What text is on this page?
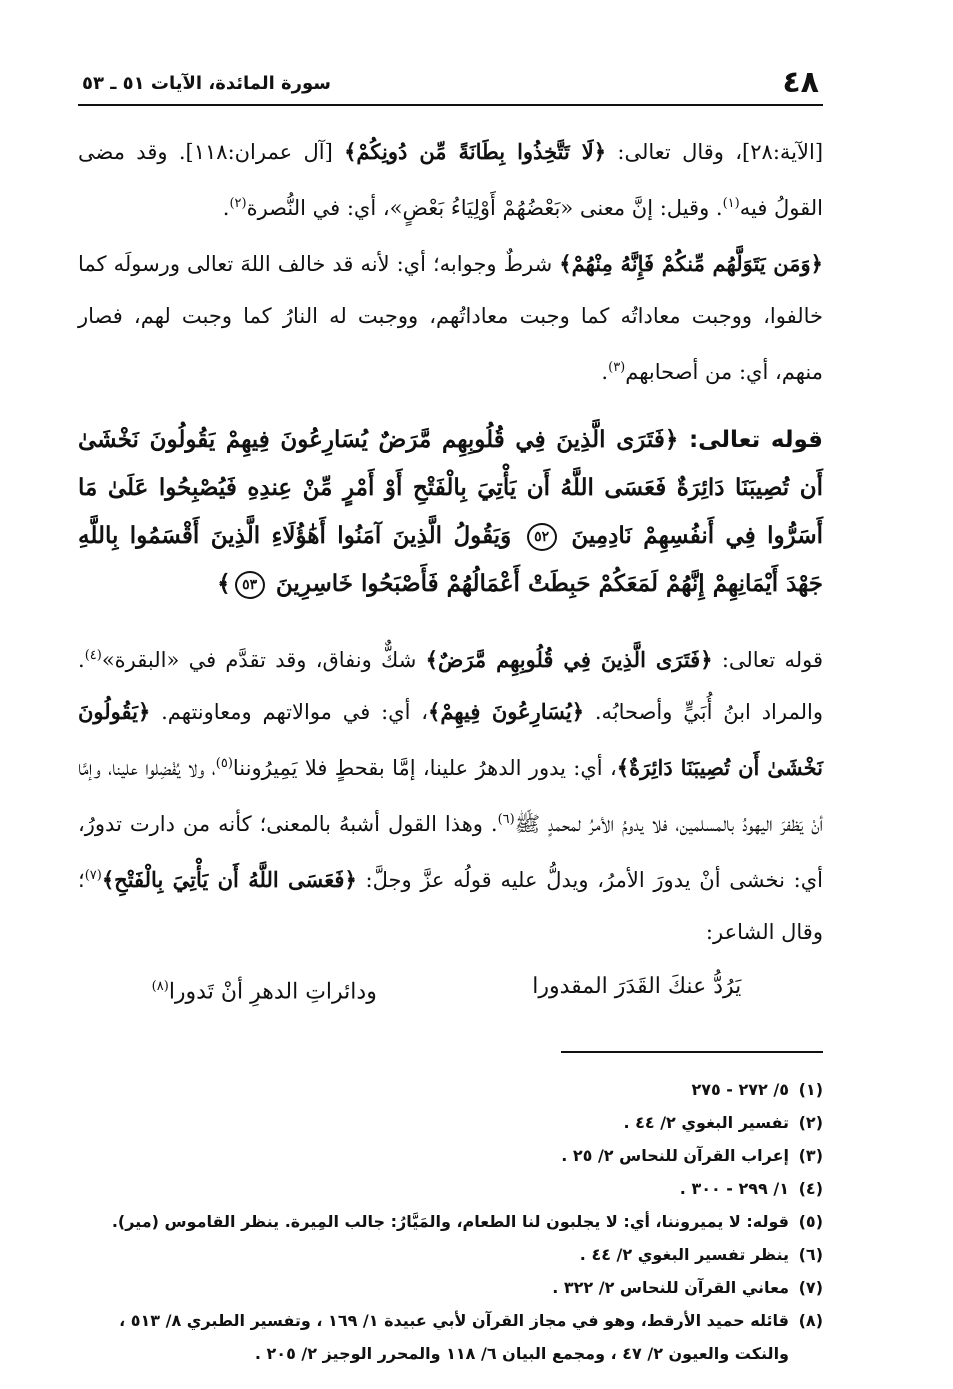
٤٨
سورة المائدة، الآيات ٥١ ـ ٥٣

[الآية:٢٨]، وقال تعالى: ﴿لَا تَتَّخِذُوا بِطَانَةً مِّن دُونِكُمْ﴾ [آل عمران:١١٨]. وقد مضى القولُ فيه$^{(١)}$. وقيل: إنَّ معنى «بَعْضُهُمْ أَوْلِيَاءُ بَعْضٍ»، أي: في النُّصرة$^{(٢)}$.

﴿وَمَن يَتَوَلَّهُم مِّنكُمْ فَإِنَّهُ مِنْهُمْ﴾ شرطٌ وجوابه؛ أي: لأنه قد خالف اللهَ تعالى ورسولَه كما خالفوا، ووجبت معاداتُه كما وجبت معاداتُهم، ووجبت له النارُ كما وجبت لهم، فصار منهم، أي: من أصحابهم$^{(٣)}$.

قوله تعالى: ﴿فَتَرَى الَّذِينَ فِي قُلُوبِهِم مَّرَضٌ يُسَارِعُونَ فِيهِمْ يَقُولُونَ نَخْشَىٰ أَن تُصِيبَنَا دَائِرَةٌ فَعَسَى اللَّهُ أَن يَأْتِيَ بِالْفَتْحِ أَوْ أَمْرٍ مِّنْ عِندِهِ فَيُصْبِحُوا عَلَىٰ مَا أَسَرُّوا فِي أَنفُسِهِمْ نَادِمِينَ ٥٢ وَيَقُولُ الَّذِينَ آمَنُوا أَهَٰؤُلَاءِ الَّذِينَ أَقْسَمُوا بِاللَّهِ جَهْدَ أَيْمَانِهِمْ إِنَّهُمْ لَمَعَكُمْ حَبِطَتْ أَعْمَالُهُمْ فَأَصْبَحُوا خَاسِرِينَ ٥٣﴾

قوله تعالى: ﴿فَتَرَى الَّذِينَ فِي قُلُوبِهِم مَّرَضٌ﴾ شكٌّ ونفاق، وقد تقدَّم في «البقرة»$^{(٤)}$. والمراد ابنُ أُبَيٍّ وأصحابُه. ﴿يُسَارِعُونَ فِيهِمْ﴾، أي: في موالاتهم ومعاونتهم. ﴿يَقُولُونَ نَخْشَىٰ أَن تُصِيبَنَا دَائِرَةٌ﴾، أي: يدور الدهرُ علينا، إمَّا بقحطٍ فلا يَمِيرُوننا$^{(٥)}$، ولا يُفْضِلوا علينا، وإمَّا أنْ يَظفرَ اليهودُ بالمسلمين، فلا يدومُ الأمرُ لمحمدٍ ﷺ$^{(٦)}$. وهذا القول أشبهُ بالمعنى؛ كأنه من دارت تدورُ، أي: نخشى أنْ يدورَ الأمرُ، ويدلُّ عليه قولُه عزَّ وجلَّ: ﴿فَعَسَى اللَّهُ أَن يَأْتِيَ بِالْفَتْحِ﴾$^{(٧)}$؛ وقال الشاعر:

يَرُدُّ عنكَ القَدَرَ المقدورا
ودائراتِ الدهرِ أنْ تَدورا$^{(٨)}$
(١)
٥/ ٢٧٢ - ٢٧٥
(٢)
تفسير البغوي ٢/ ٤٤ .
(٣)
إعراب القرآن للنحاس ٢/ ٢٥ .
(٤)
١/ ٢٩٩ - ٣٠٠ .
(٥)
قوله: لا يميروننا، أي: لا يجلبون لنا الطعام، والمَيَّارُ: جالب المِيرة. ينظر القاموس (مير).
(٦)
ينظر تفسير البغوي ٢/ ٤٤ .
(٧)
معاني القرآن للنحاس ٢/ ٣٢٢ .
(٨)
قائله حميد الأرقط، وهو في مجاز القرآن لأبي عبيدة ١/ ١٦٩ ، وتفسير الطبري ٨/ ٥١٣ ، والنكت والعيون ٢/ ٤٧ ، ومجمع البيان ٦/ ١١٨ والمحرر الوجيز ٢/ ٢٠٥ .
